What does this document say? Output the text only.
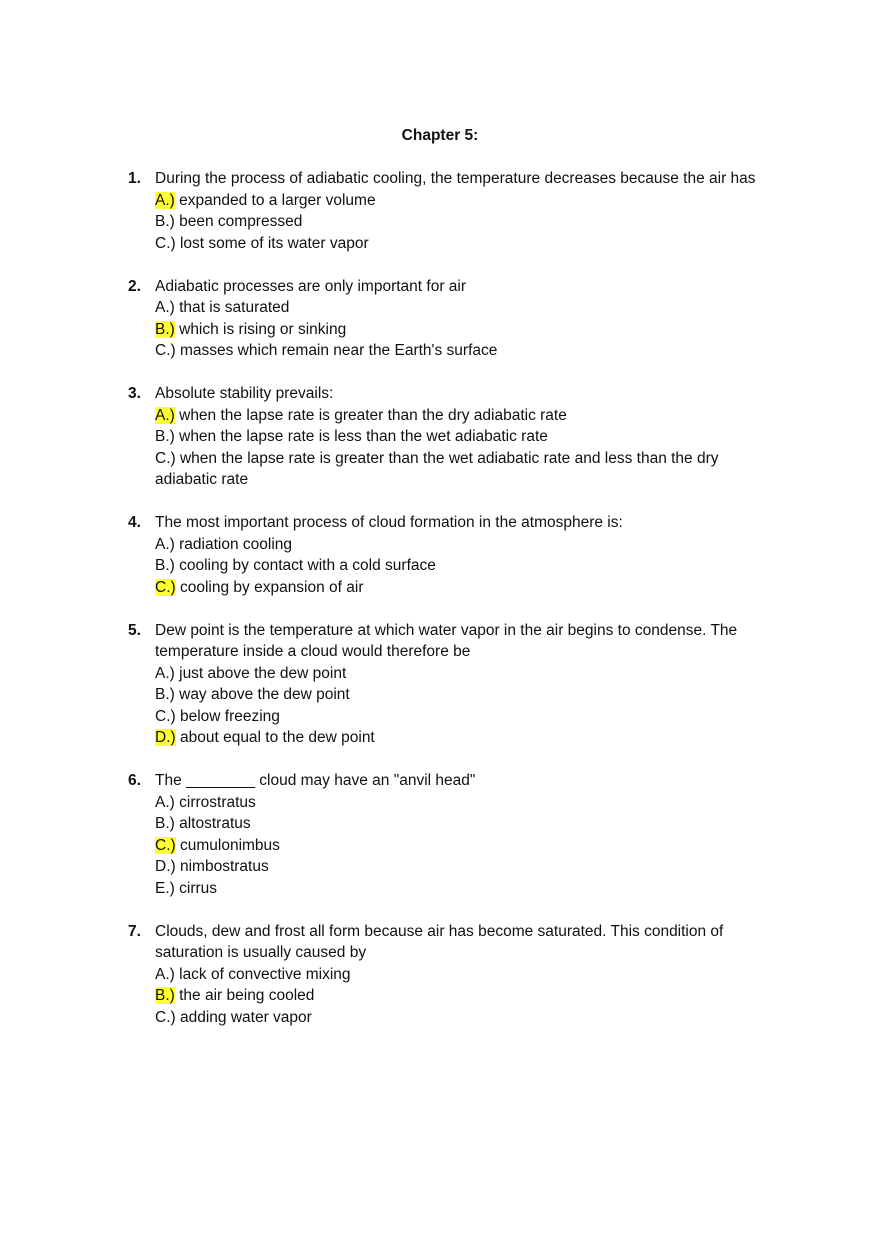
Chapter 5:
1. During the process of adiabatic cooling, the temperature decreases because the air has
A.) expanded to a larger volume
B.) been compressed
C.) lost some of its water vapor
2. Adiabatic processes are only important for air
A.) that is saturated
B.) which is rising or sinking
C.) masses which remain near the Earth's surface
3. Absolute stability prevails:
A.) when the lapse rate is greater than the dry adiabatic rate
B.) when the lapse rate is less than the wet adiabatic rate
C.) when the lapse rate is greater than the wet adiabatic rate and less than the dry adiabatic rate
4. The most important process of cloud formation in the atmosphere is:
A.) radiation cooling
B.) cooling by contact with a cold surface
C.) cooling by expansion of air
5. Dew point is the temperature at which water vapor in the air begins to condense. The temperature inside a cloud would therefore be
A.) just above the dew point
B.) way above the dew point
C.) below freezing
D.) about equal to the dew point
6. The ________ cloud may have an "anvil head"
A.) cirrostratus
B.) altostratus
C.) cumulonimbus
D.) nimbostratus
E.) cirrus
7. Clouds, dew and frost all form because air has become saturated. This condition of saturation is usually caused by
A.) lack of convective mixing
B.) the air being cooled
C.) adding water vapor
